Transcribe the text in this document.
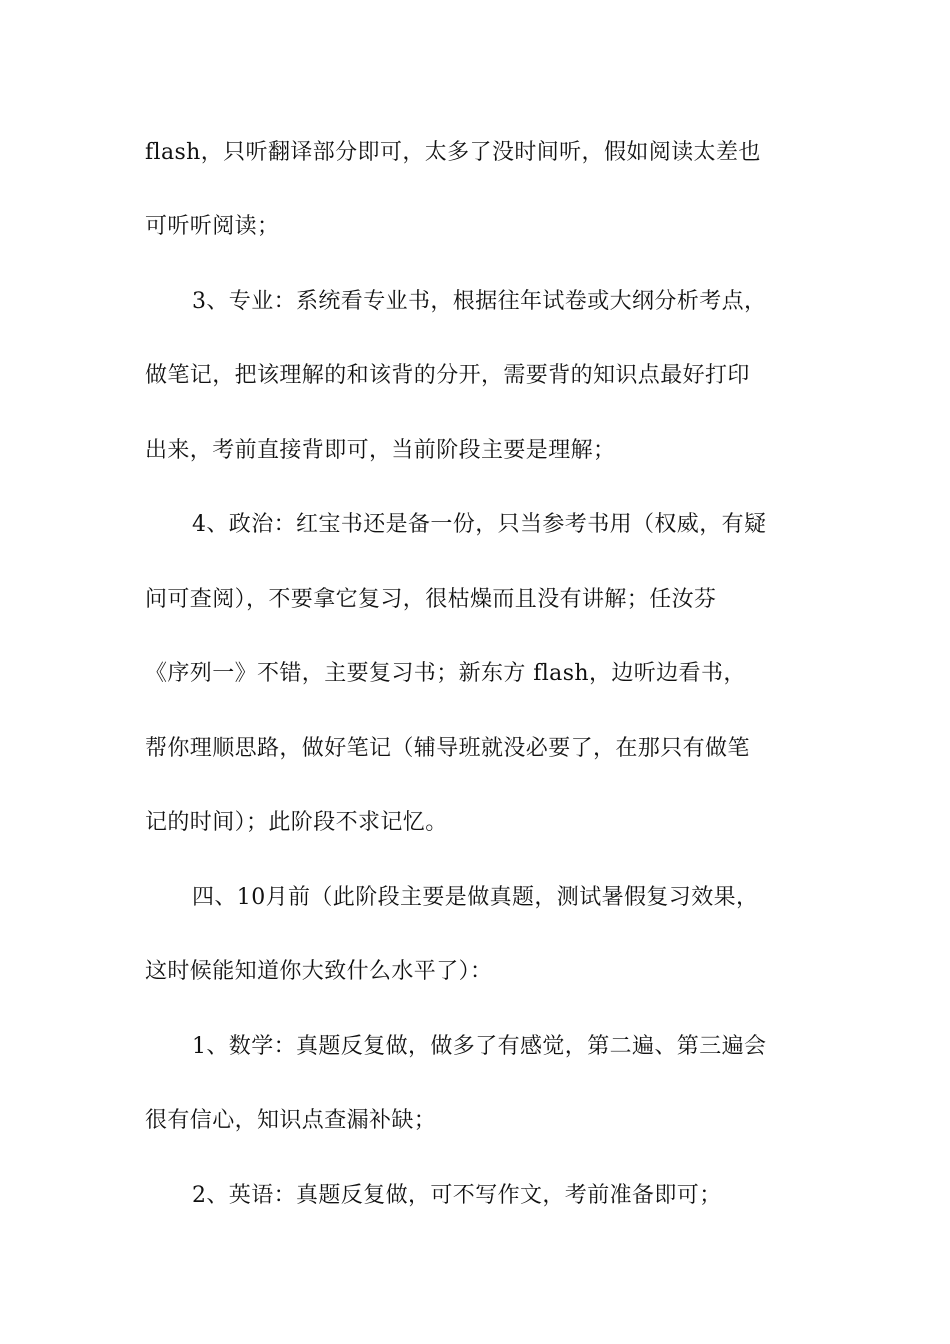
flash，只听翻译部分即可，太多了没时间听，假如阅读太差也
可听听阅读；
3、专业：系统看专业书，根据往年试卷或大纲分析考点，
做笔记，把该理解的和该背的分开，需要背的知识点最好打印
出来，考前直接背即可，当前阶段主要是理解；
4、政治：红宝书还是备一份，只当参考书用（权威，有疑
问可查阅），不要拿它复习，很枯燥而且没有讲解；任汝芬
《序列一》不错，主要复习书；新东方 flash，边听边看书，
帮你理顺思路，做好笔记（辅导班就没必要了，在那只有做笔
记的时间）；此阶段不求记忆。
四、10月前（此阶段主要是做真题，测试暑假复习效果，
这时候能知道你大致什么水平了）：
1、数学：真题反复做，做多了有感觉，第二遍、第三遍会
很有信心，知识点查漏补缺；
2、英语：真题反复做，可不写作文，考前准备即可；
